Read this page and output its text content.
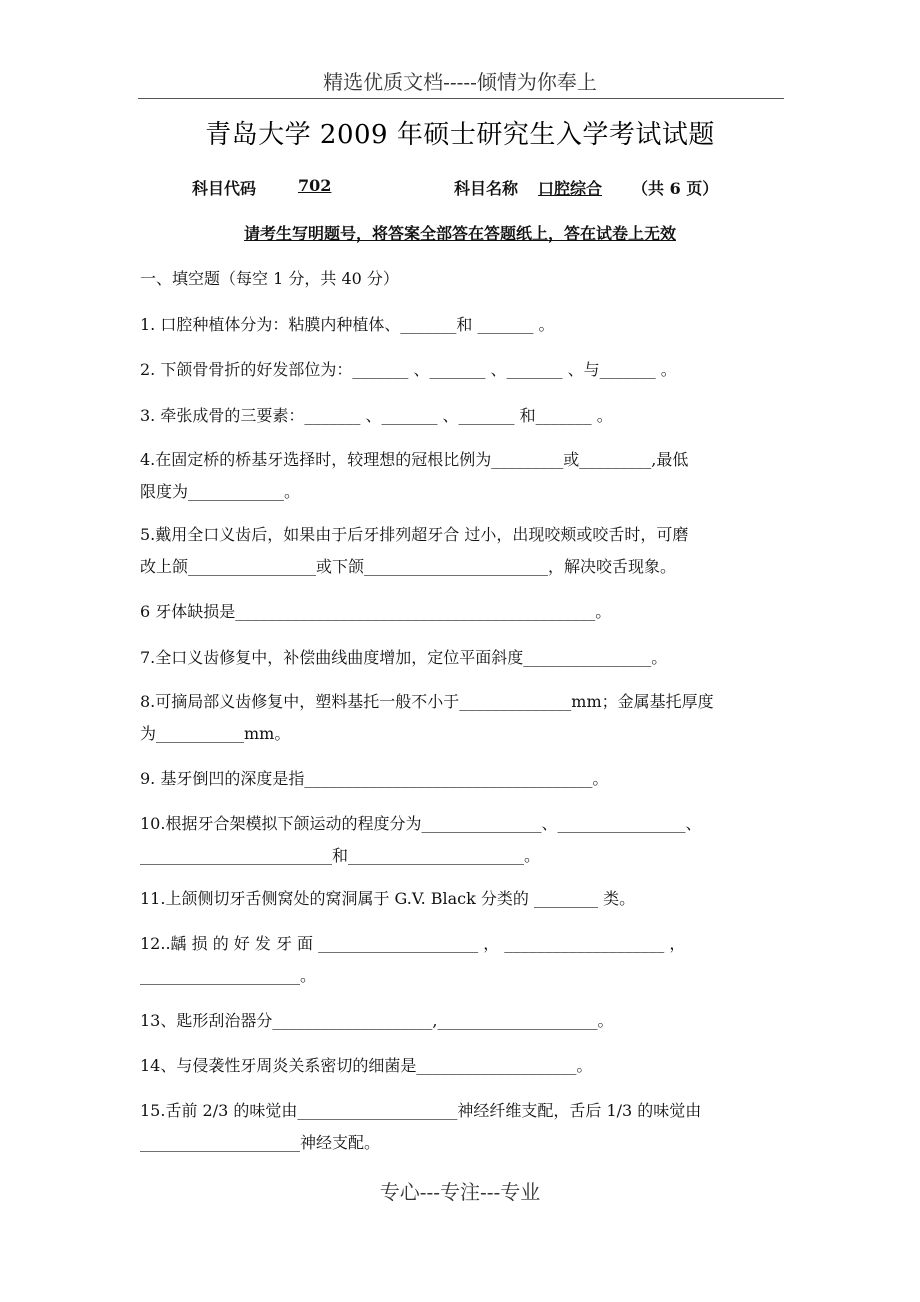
精选优质文档-----倾情为你奉上
青岛大学 2009 年硕士研究生入学考试试题
科目代码	702	科目名称 口腔综合 （共 6 页）
请考生写明题号，将答案全部答在答题纸上，答在试卷上无效
一、填空题（每空 1 分，共 40 分）
1. 口腔种植体分为：粘膜内种植体、_______和 _______ 。
2. 下颌骨骨折的好发部位为：_______ 、_______ 、_______ 、与_______ 。
3. 牵张成骨的三要素：_______ 、_______ 、_______ 和_______ 。
4.在固定桥的桥基牙选择时，较理想的冠根比例为_________或_________,最低
限度为____________。
5.戴用全口义齿后，如果由于后牙排列超牙合 过小，出现咬颊或咬舌时，可磨
改上颌________________或下颌_______________________，解决咬舌现象。
6 牙体缺损是_____________________________________________。
7.全口义齿修复中，补偿曲线曲度增加，定位平面斜度________________。
8.可摘局部义齿修复中，塑料基托一般不小于______________mm；金属基托厚度
为___________mm。
9. 基牙倒凹的深度是指____________________________________。
10.根据牙合架模拟下颌运动的程度分为_______________、________________、
________________________和______________________。
11.上颌侧切牙舌侧窝处的窝洞属于 G.V. Black 分类的 ________ 类。
12..龋 损 的 好 发 牙 面 ____________________ ， ____________________ ，
____________________。
13、匙形刮治器分____________________,____________________。
14、与侵袭性牙周炎关系密切的细菌是____________________。
15.舌前 2/3 的味觉由____________________神经纤维支配，舌后 1/3 的味觉由
____________________神经支配。
专心---专注---专业
